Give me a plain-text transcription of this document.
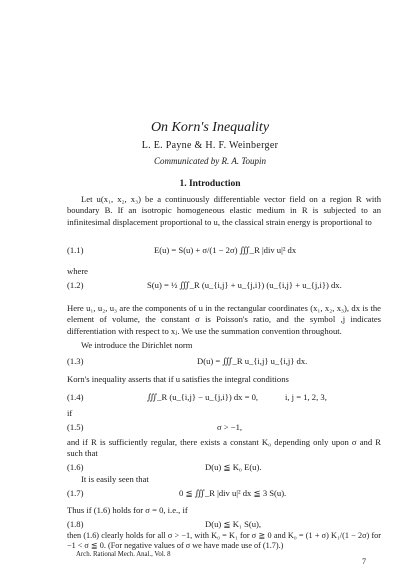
On Korn's Inequality
L. E. Payne & H. F. Weinberger
Communicated by R. A. Toupin
1. Introduction
Let u(x₁, x₂, x₃) be a continuously differentiable vector field on a region R with boundary B. If an isotropic homogeneous elastic medium in R is subjected to an infinitesimal displacement proportional to u, the classical strain energy is proportional to
(1.1)	E(u) = S(u) + σ/(1 − 2σ) ∭_R |div u|² dx
where
(1.2)	S(u) = ½ ∭_R (u_{i,j} + u_{j,i}) (u_{i,j} + u_{j,i}) dx.
Here u₁, u₂, u₃ are the components of u in the rectangular coordinates (x₁, x₂, x₃), dx is the element of volume, the constant σ is Poisson's ratio, and the symbol ,j indicates differentiation with respect to xⱼ. We use the summation convention throughout.
We introduce the Dirichlet norm
(1.3)	D(u) = ∭_R u_{i,j} u_{i,j} dx.
Korn's inequality asserts that if u satisfies the integral conditions
(1.4)	∭_R (u_{i,j} − u_{j,i}) dx = 0,	i, j = 1, 2, 3,
if
(1.5)	σ > −1,
and if R is sufficiently regular, there exists a constant K₀ depending only upon σ and R such that
(1.6)	D(u) ≦ K₀ E(u).
It is easily seen that
(1.7)	0 ≦ ∭_R |div u|² dx ≦ 3 S(u).
Thus if (1.6) holds for σ = 0, i.e., if
(1.8)	D(u) ≦ K₁ S(u),
then (1.6) clearly holds for all σ > −1, with K₀ = K₁ for σ ≧ 0 and K₀ = (1 + σ) K₁/(1 − 2σ) for −1 < σ ≦ 0. (For negative values of σ we have made use of (1.7).)
Arch. Rational Mech. Anal., Vol. 8
7
